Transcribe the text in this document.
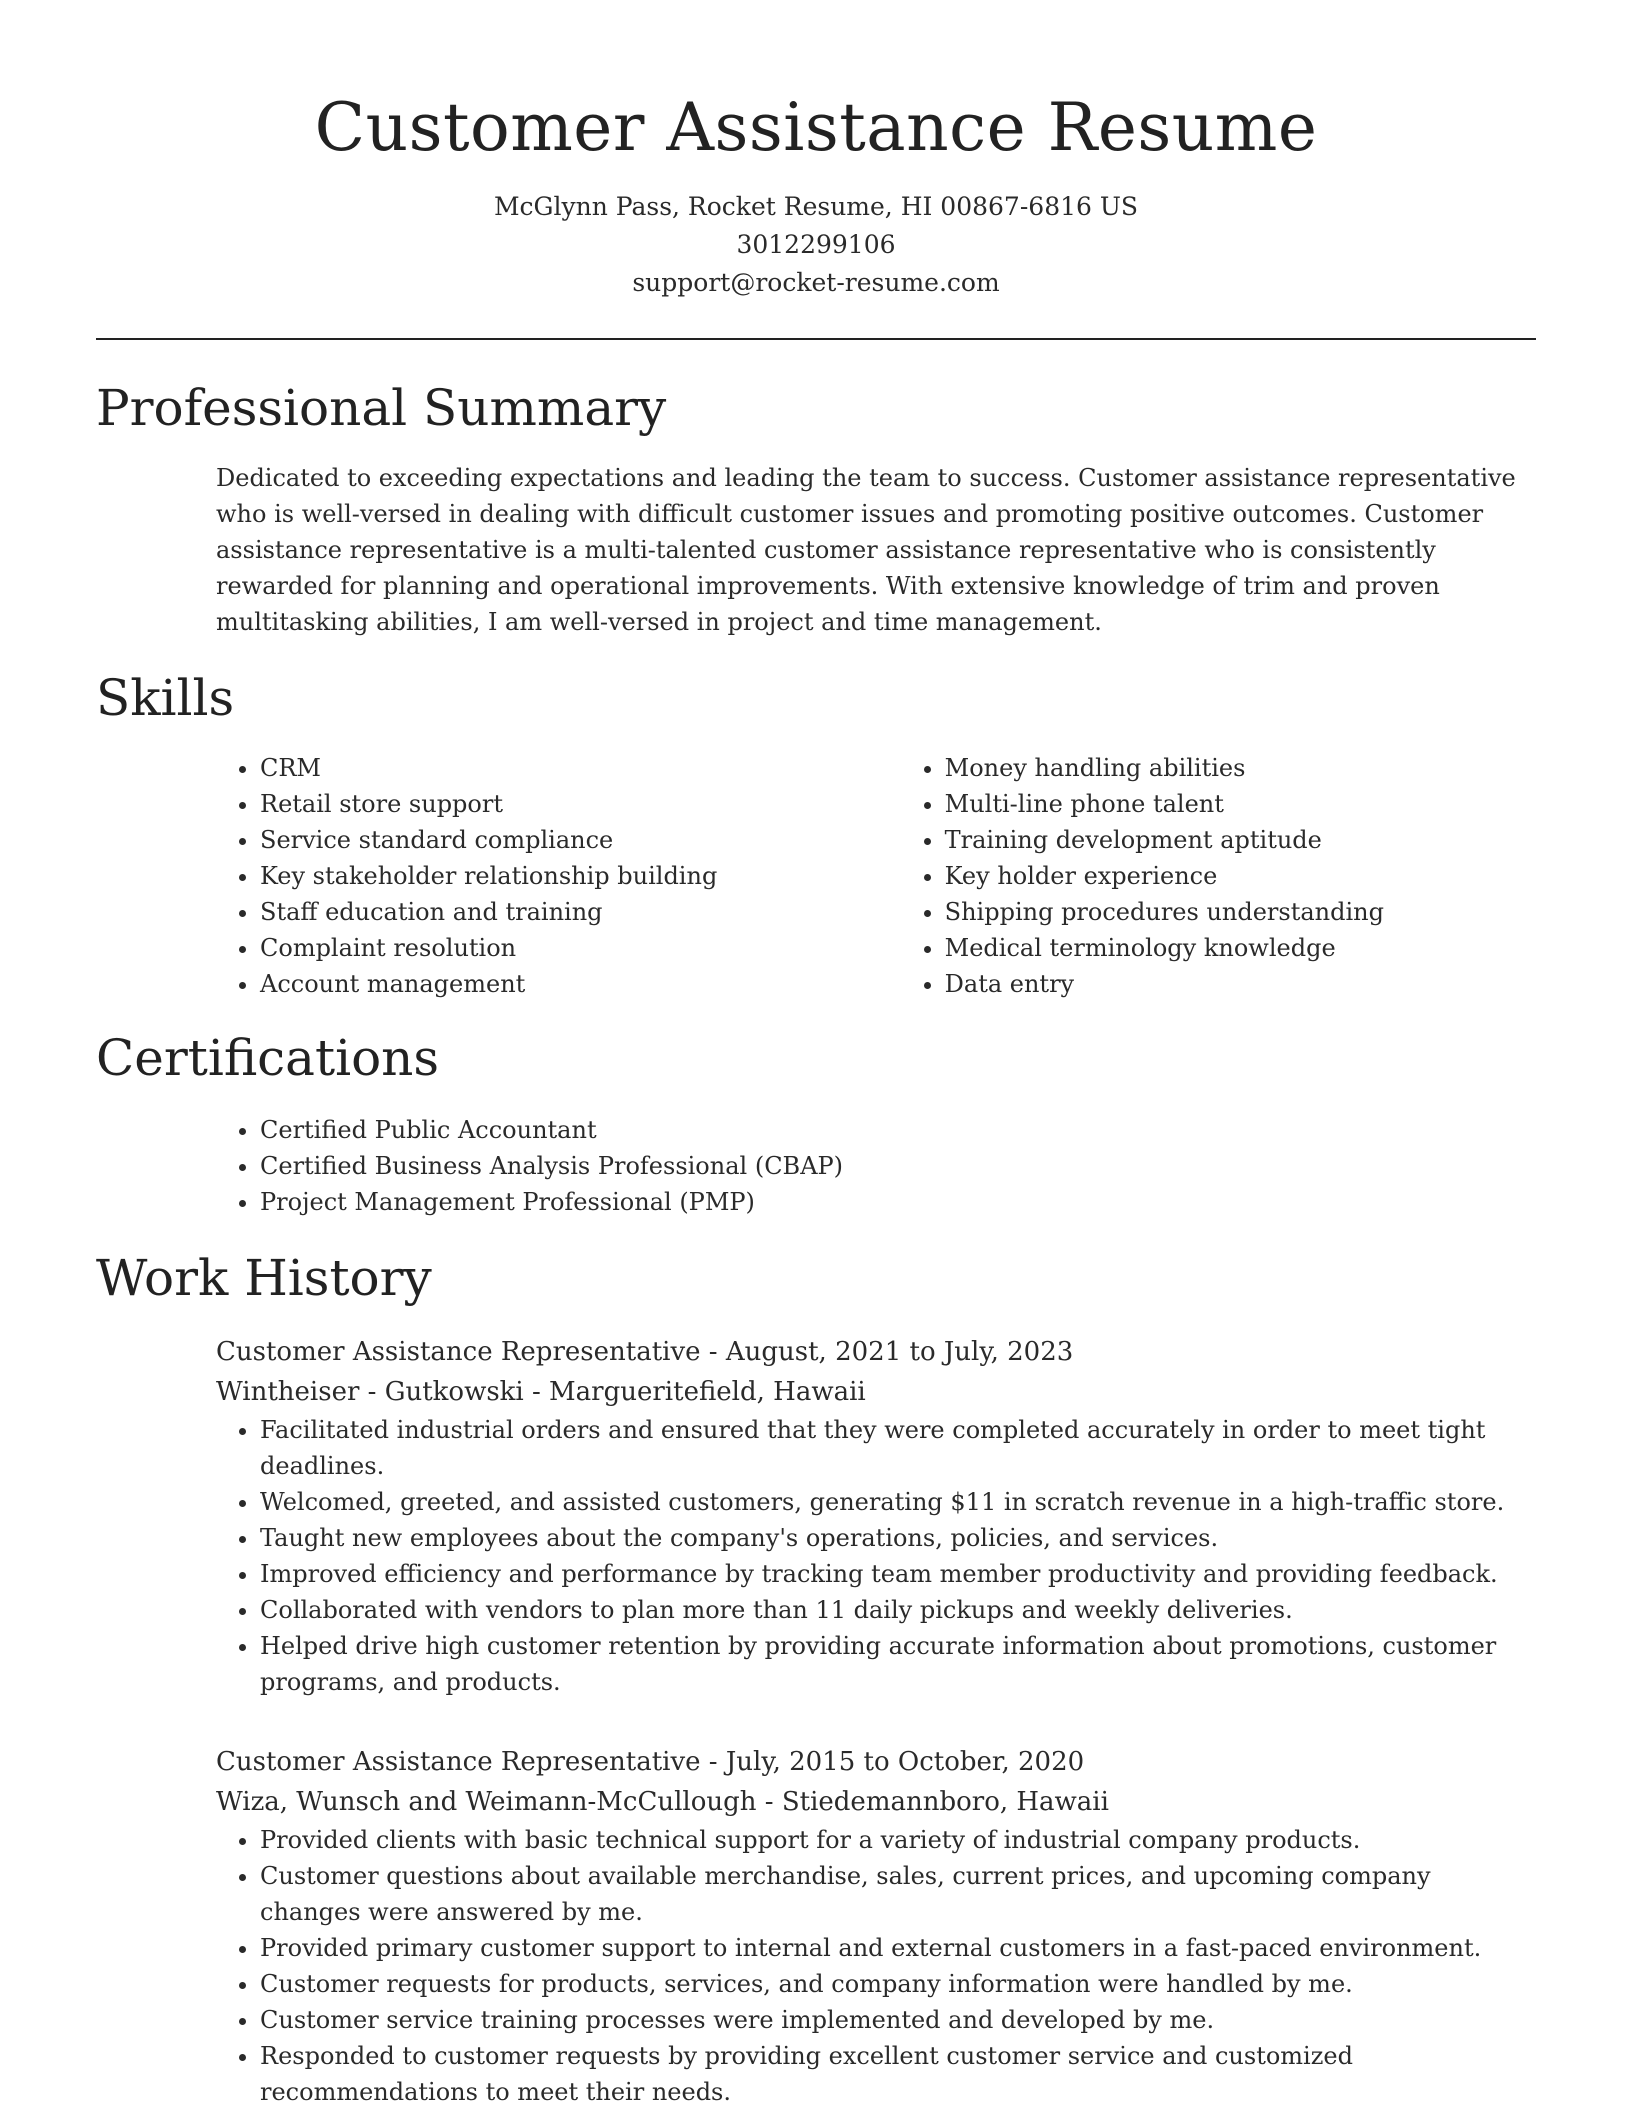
Customer Assistance Resume
McGlynn Pass, Rocket Resume, HI 00867-6816 US
3012299106
support@rocket-resume.com
Professional Summary
Dedicated to exceeding expectations and leading the team to success. Customer assistance representative who is well-versed in dealing with difficult customer issues and promoting positive outcomes. Customer assistance representative is a multi-talented customer assistance representative who is consistently rewarded for planning and operational improvements. With extensive knowledge of trim and proven multitasking abilities, I am well-versed in project and time management.
Skills
• CRM
• Retail store support
• Service standard compliance
• Key stakeholder relationship building
• Staff education and training
• Complaint resolution
• Account management
• Money handling abilities
• Multi-line phone talent
• Training development aptitude
• Key holder experience
• Shipping procedures understanding
• Medical terminology knowledge
• Data entry
Certifications
• Certified Public Accountant
• Certified Business Analysis Professional (CBAP)
• Project Management Professional (PMP)
Work History
Customer Assistance Representative - August, 2021 to July, 2023
Wintheiser - Gutkowski - Margueritefield, Hawaii
• Facilitated industrial orders and ensured that they were completed accurately in order to meet tight deadlines.
• Welcomed, greeted, and assisted customers, generating $11 in scratch revenue in a high-traffic store.
• Taught new employees about the company's operations, policies, and services.
• Improved efficiency and performance by tracking team member productivity and providing feedback.
• Collaborated with vendors to plan more than 11 daily pickups and weekly deliveries.
• Helped drive high customer retention by providing accurate information about promotions, customer programs, and products.
Customer Assistance Representative - July, 2015 to October, 2020
Wiza, Wunsch and Weimann-McCullough - Stiedemannboro, Hawaii
• Provided clients with basic technical support for a variety of industrial company products.
• Customer questions about available merchandise, sales, current prices, and upcoming company changes were answered by me.
• Provided primary customer support to internal and external customers in a fast-paced environment.
• Customer requests for products, services, and company information were handled by me.
• Customer service training processes were implemented and developed by me.
• Responded to customer requests by providing excellent customer service and customized recommendations to meet their needs.
